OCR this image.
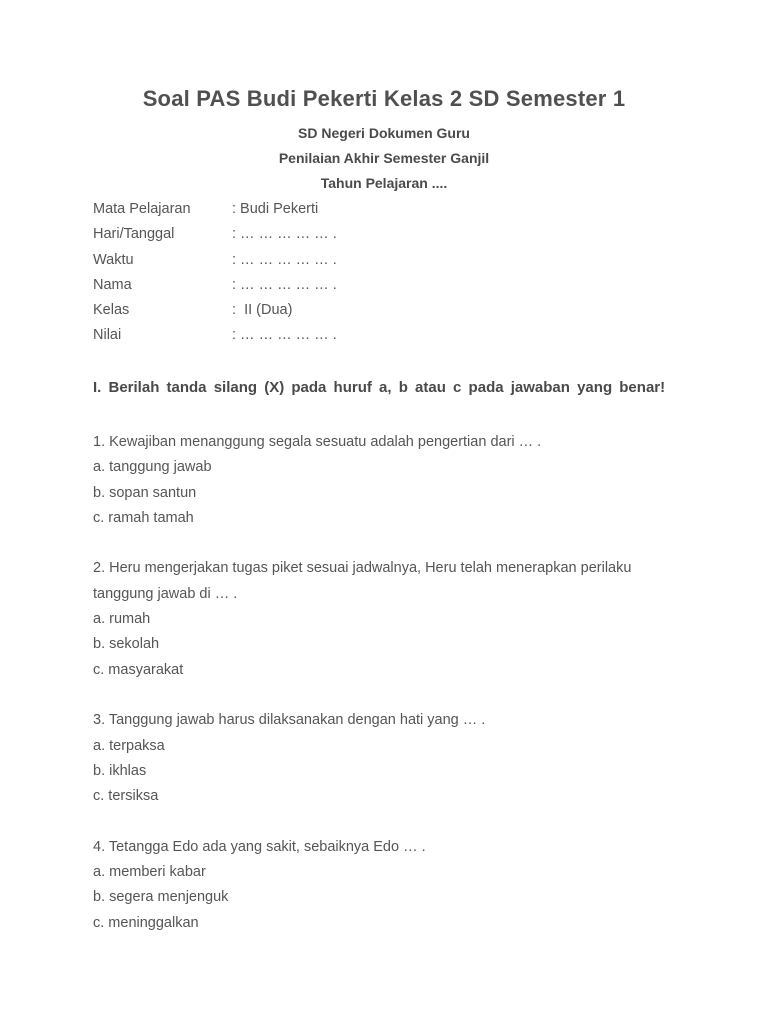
Soal PAS Budi Pekerti Kelas 2 SD Semester 1
SD Negeri Dokumen Guru
Penilaian Akhir Semester Ganjil
Tahun Pelajaran ....
Mata Pelajaran	: Budi Pekerti
Hari/Tanggal	: … … … … … .
Waktu	: … … … … … .
Nama	: … … … … … .
Kelas	:  II (Dua)
Nilai	: … … … … … .
I. Berilah tanda silang (X) pada huruf a, b atau c pada jawaban yang benar!
1. Kewajiban menanggung segala sesuatu adalah pengertian dari … .
a. tanggung jawab
b. sopan santun
c. ramah tamah
2. Heru mengerjakan tugas piket sesuai jadwalnya, Heru telah menerapkan perilaku
tanggung jawab di … .
a. rumah
b. sekolah
c. masyarakat
3. Tanggung jawab harus dilaksanakan dengan hati yang … .
a. terpaksa
b. ikhlas
c. tersiksa
4. Tetangga Edo ada yang sakit, sebaiknya Edo … .
a. memberi kabar
b. segera menjenguk
c. meninggalkan
